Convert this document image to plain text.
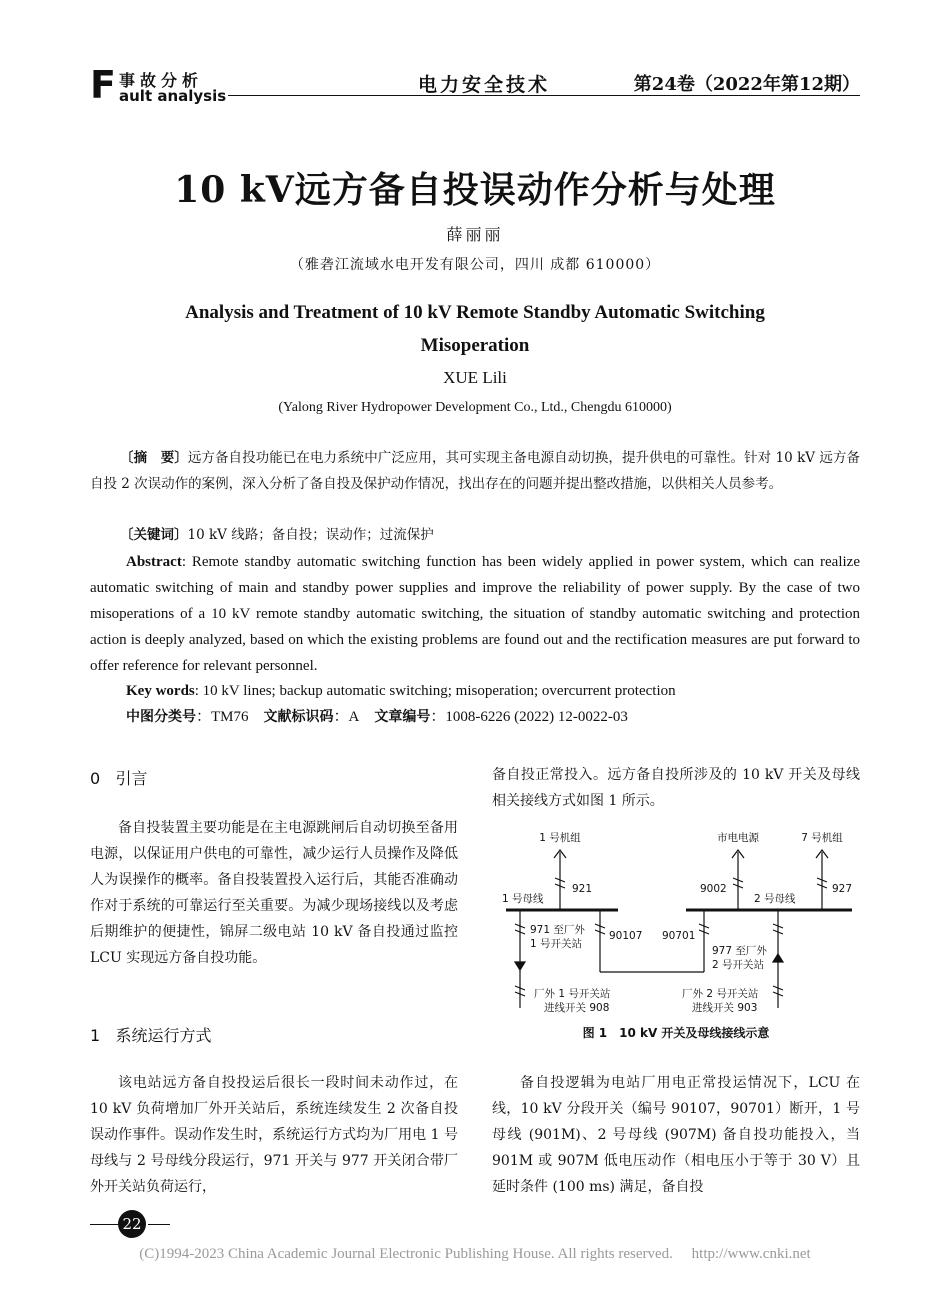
F 事故分析
ault analysis	电力安全技术	第24卷（2022年第12期）
10 kV远方备自投误动作分析与处理
薛丽丽
（雅砻江流域水电开发有限公司，四川 成都 610000）
Analysis and Treatment of 10 kV Remote Standby Automatic Switching
Misoperation
XUE Lili
(Yalong River Hydropower Development Co., Ltd., Chengdu 610000)
〔摘　要〕远方备自投功能已在电力系统中广泛应用，其可实现主备电源自动切换，提升供电的可靠性。针对 10 kV 远方备自投 2 次误动作的案例，深入分析了备自投及保护动作情况，找出存在的问题并提出整改措施，以供相关人员参考。
〔关键词〕10 kV 线路；备自投；误动作；过流保护
Abstract: Remote standby automatic switching function has been widely applied in power system, which can realize automatic switching of main and standby power supplies and improve the reliability of power supply. By the case of two misoperations of a 10 kV remote standby automatic switching, the situation of standby automatic switching and protection action is deeply analyzed, based on which the existing problems are found out and the rectification measures are put forward to offer reference for relevant personnel.
Key words: 10 kV lines; backup automatic switching; misoperation; overcurrent protection
中图分类号：TM76 文献标识码：A 文章编号：1008-6226 (2022) 12-0022-03
0 引言
备自投装置主要功能是在主电源跳闸后自动切换至备用电源，以保证用户供电的可靠性，减少运行人员操作及降低人为误操作的概率。备自投装置投入运行后，其能否准确动作对于系统的可靠运行至关重要。为减少现场接线以及考虑后期维护的便捷性，锦屏二级电站 10 kV 备自投通过监控 LCU 实现远方备自投功能。
1 系统运行方式
该电站远方备自投投运后很长一段时间未动作过，在 10 kV 负荷增加厂外开关站后，系统连续发生 2 次备自投误动作事件。误动作发生时，系统运行方式均为厂用电 1 号母线与 2 号母线分段运行，971 开关与 977 开关闭合带厂外开关站负荷运行，
备自投正常投入。远方备自投所涉及的 10 kV 开关及母线相关接线方式如图 1 所示。
1 号机组	市电电源	7 号机组
921	9002	927
1 号母线	2 号母线
971 至厂外
1 号开关站
90107 90701
977 至厂外
2 号开关站
厂外 1 号开关站
进线开关 908
厂外 2 号开关站
进线开关 903
图 1　10 kV 开关及母线接线示意
备自投逻辑为电站厂用电正常投运情况下，LCU 在线，10 kV 分段开关（编号 90107，90701）断开，1 号母线 (901M)、2 号母线 (907M) 备自投功能投入，当 901M 或 907M 低电压动作（相电压小于等于 30 V）且延时条件 (100 ms) 满足，备自投
22
(C)1994-2023 China Academic Journal Electronic Publishing House. All rights reserved.　 http://www.cnki.net
